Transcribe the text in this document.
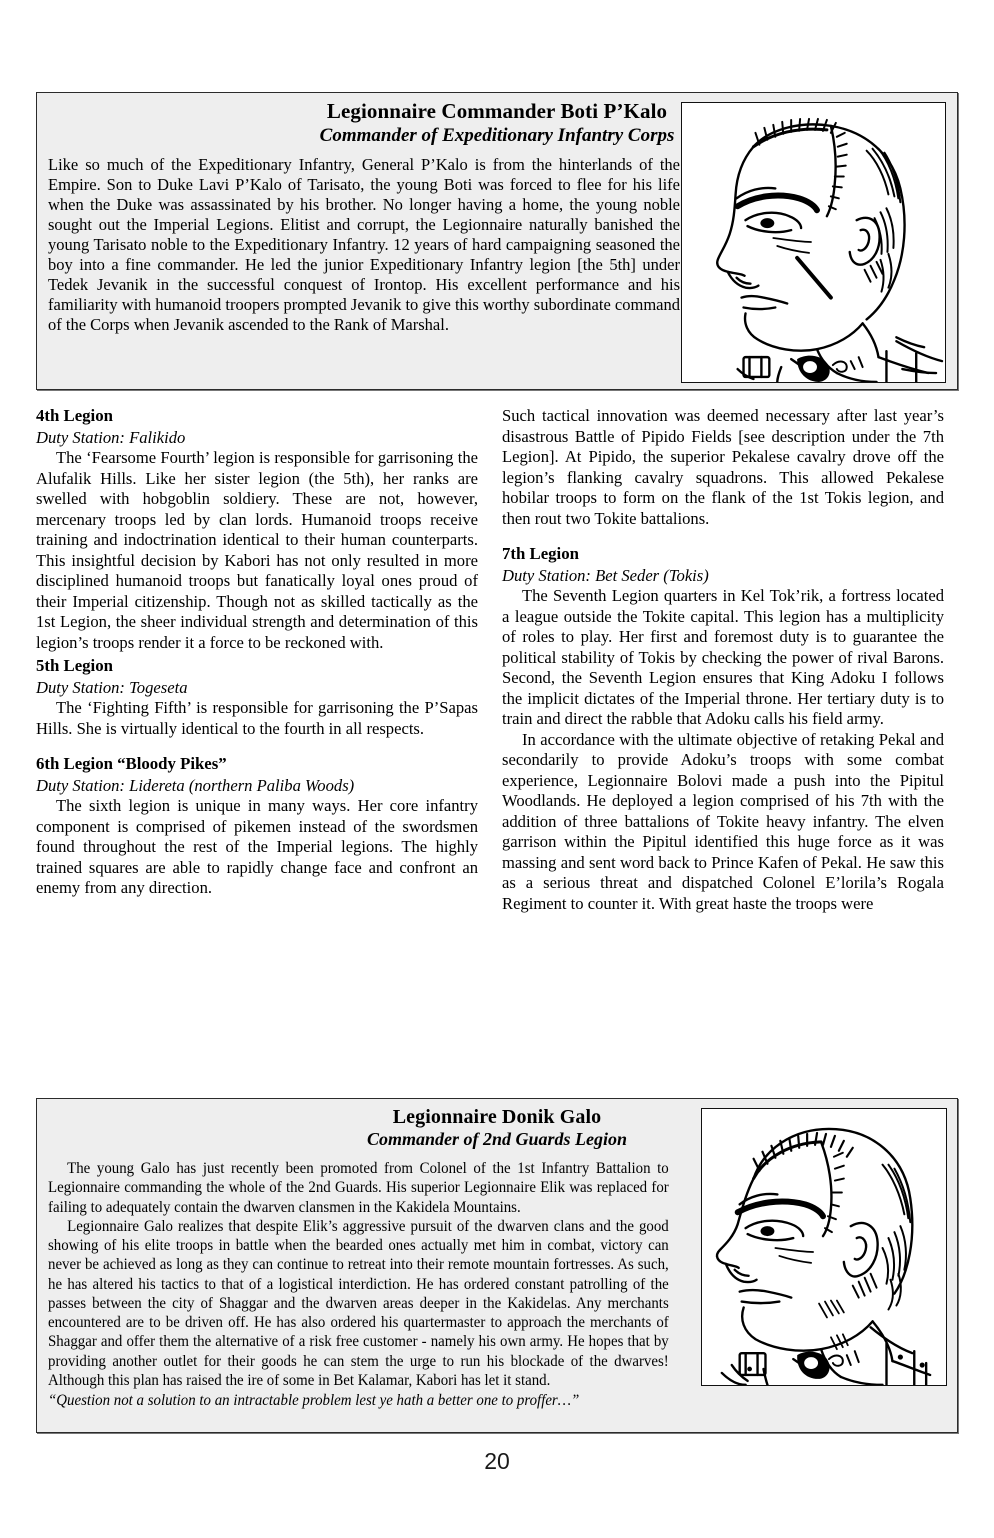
Legionnaire Commander Boti P’Kalo
Commander of Expeditionary Infantry Corps

Like so much of the Expeditionary Infantry, General P’Kalo is from the hinterlands of the Empire. Son to Duke Lavi P’Kalo of Tarisato, the young Boti was forced to flee for his life when the Duke was assassinated by his brother. No longer having a home, the young noble sought out the Imperial Legions. Elitist and corrupt, the Legionnaire naturally banished the young Tarisato noble to the Expeditionary Infantry. 12 years of hard campaigning seasoned the boy into a fine commander. He led the junior Expeditionary Infantry legion [the 5th] under Tedek Jevanik in the successful conquest of Irontop. His excellent performance and his familiarity with humanoid troopers prompted Jevanik to give this worthy subordinate command of the Corps when Jevanik ascended to the Rank of Marshal.

4th Legion

Duty Station: Falikido

The ‘Fearsome Fourth’ legion is responsible for garrisoning the Alufalik Hills. Like her sister legion (the 5th), her ranks are swelled with hobgoblin soldiery. These are not, however, mercenary troops led by clan lords. Humanoid troops receive training and indoctrination identical to their human counterparts. This insightful decision by Kabori has not only resulted in more disciplined humanoid troops but fanatically loyal ones proud of their Imperial citizenship. Though not as skilled tactically as the 1st Legion, the sheer individual strength and determination of this legion’s troops render it a force to be reckoned with.

5th Legion

Duty Station: Togeseta

The ‘Fighting Fifth’ is responsible for garrisoning the P’Sapas Hills. She is virtually identical to the fourth in all respects.

6th Legion “Bloody Pikes”

Duty Station: Lidereta (northern Paliba Woods)

The sixth legion is unique in many ways. Her core infantry component is comprised of pikemen instead of the swordsmen found throughout the rest of the Imperial legions. The highly trained squares are able to rapidly change face and confront an enemy from any direction.

Such tactical innovation was deemed necessary after last year’s disastrous Battle of Pipido Fields [see description under the 7th Legion]. At Pipido, the superior Pekalese cavalry drove off the legion’s flanking cavalry squadrons. This allowed Pekalese hobilar troops to form on the flank of the 1st Tokis legion, and then rout two Tokite battalions.

7th Legion

Duty Station: Bet Seder (Tokis)

The Seventh Legion quarters in Kel Tok’rik, a fortress located a league outside the Tokite capital. This legion has a multiplicity of roles to play. Her first and foremost duty is to guarantee the political stability of Tokis by checking the power of rival Barons. Second, the Seventh Legion ensures that King Adoku I follows the implicit dictates of the Imperial throne. Her tertiary duty is to train and direct the rabble that Adoku calls his field army.

In accordance with the ultimate objective of retaking Pekal and secondarily to provide Adoku’s troops with some combat experience, Legionnaire Bolovi made a push into the Pipitul Woodlands. He deployed a legion comprised of his 7th with the addition of three battalions of Tokite heavy infantry. The elven garrison within the Pipitul identified this huge force as it was massing and sent word back to Prince Kafen of Pekal. He saw this as a serious threat and dispatched Colonel E’lorila’s Rogala Regiment to counter it. With great haste the troops were

Legionnaire Donik Galo
Commander of 2nd Guards Legion

The young Galo has just recently been promoted from Colonel of the 1st Infantry Battalion to Legionnaire commanding the whole of the 2nd Guards. His superior Legionnaire Elik was replaced for failing to adequately contain the dwarven clansmen in the Kakidela Mountains.

Legionnaire Galo realizes that despite Elik’s aggressive pursuit of the dwarven clans and the good showing of his elite troops in battle when the bearded ones actually met him in combat, victory can never be achieved as long as they can continue to retreat into their remote mountain fortresses. As such, he has altered his tactics to that of a logistical interdiction. He has ordered constant patrolling of the passes between the city of Shaggar and the dwarven areas deeper in the Kakidelas. Any merchants encountered are to be driven off. He has also ordered his quartermaster to approach the merchants of Shaggar and offer them the alternative of a risk free customer - namely his own army. He hopes that by providing another outlet for their goods he can stem the urge to run his blockade of the dwarves! Although this plan has raised the ire of some in Bet Kalamar, Kabori has let it stand.

“Question not a solution to an intractable problem lest ye hath a better one to proffer…”

20
